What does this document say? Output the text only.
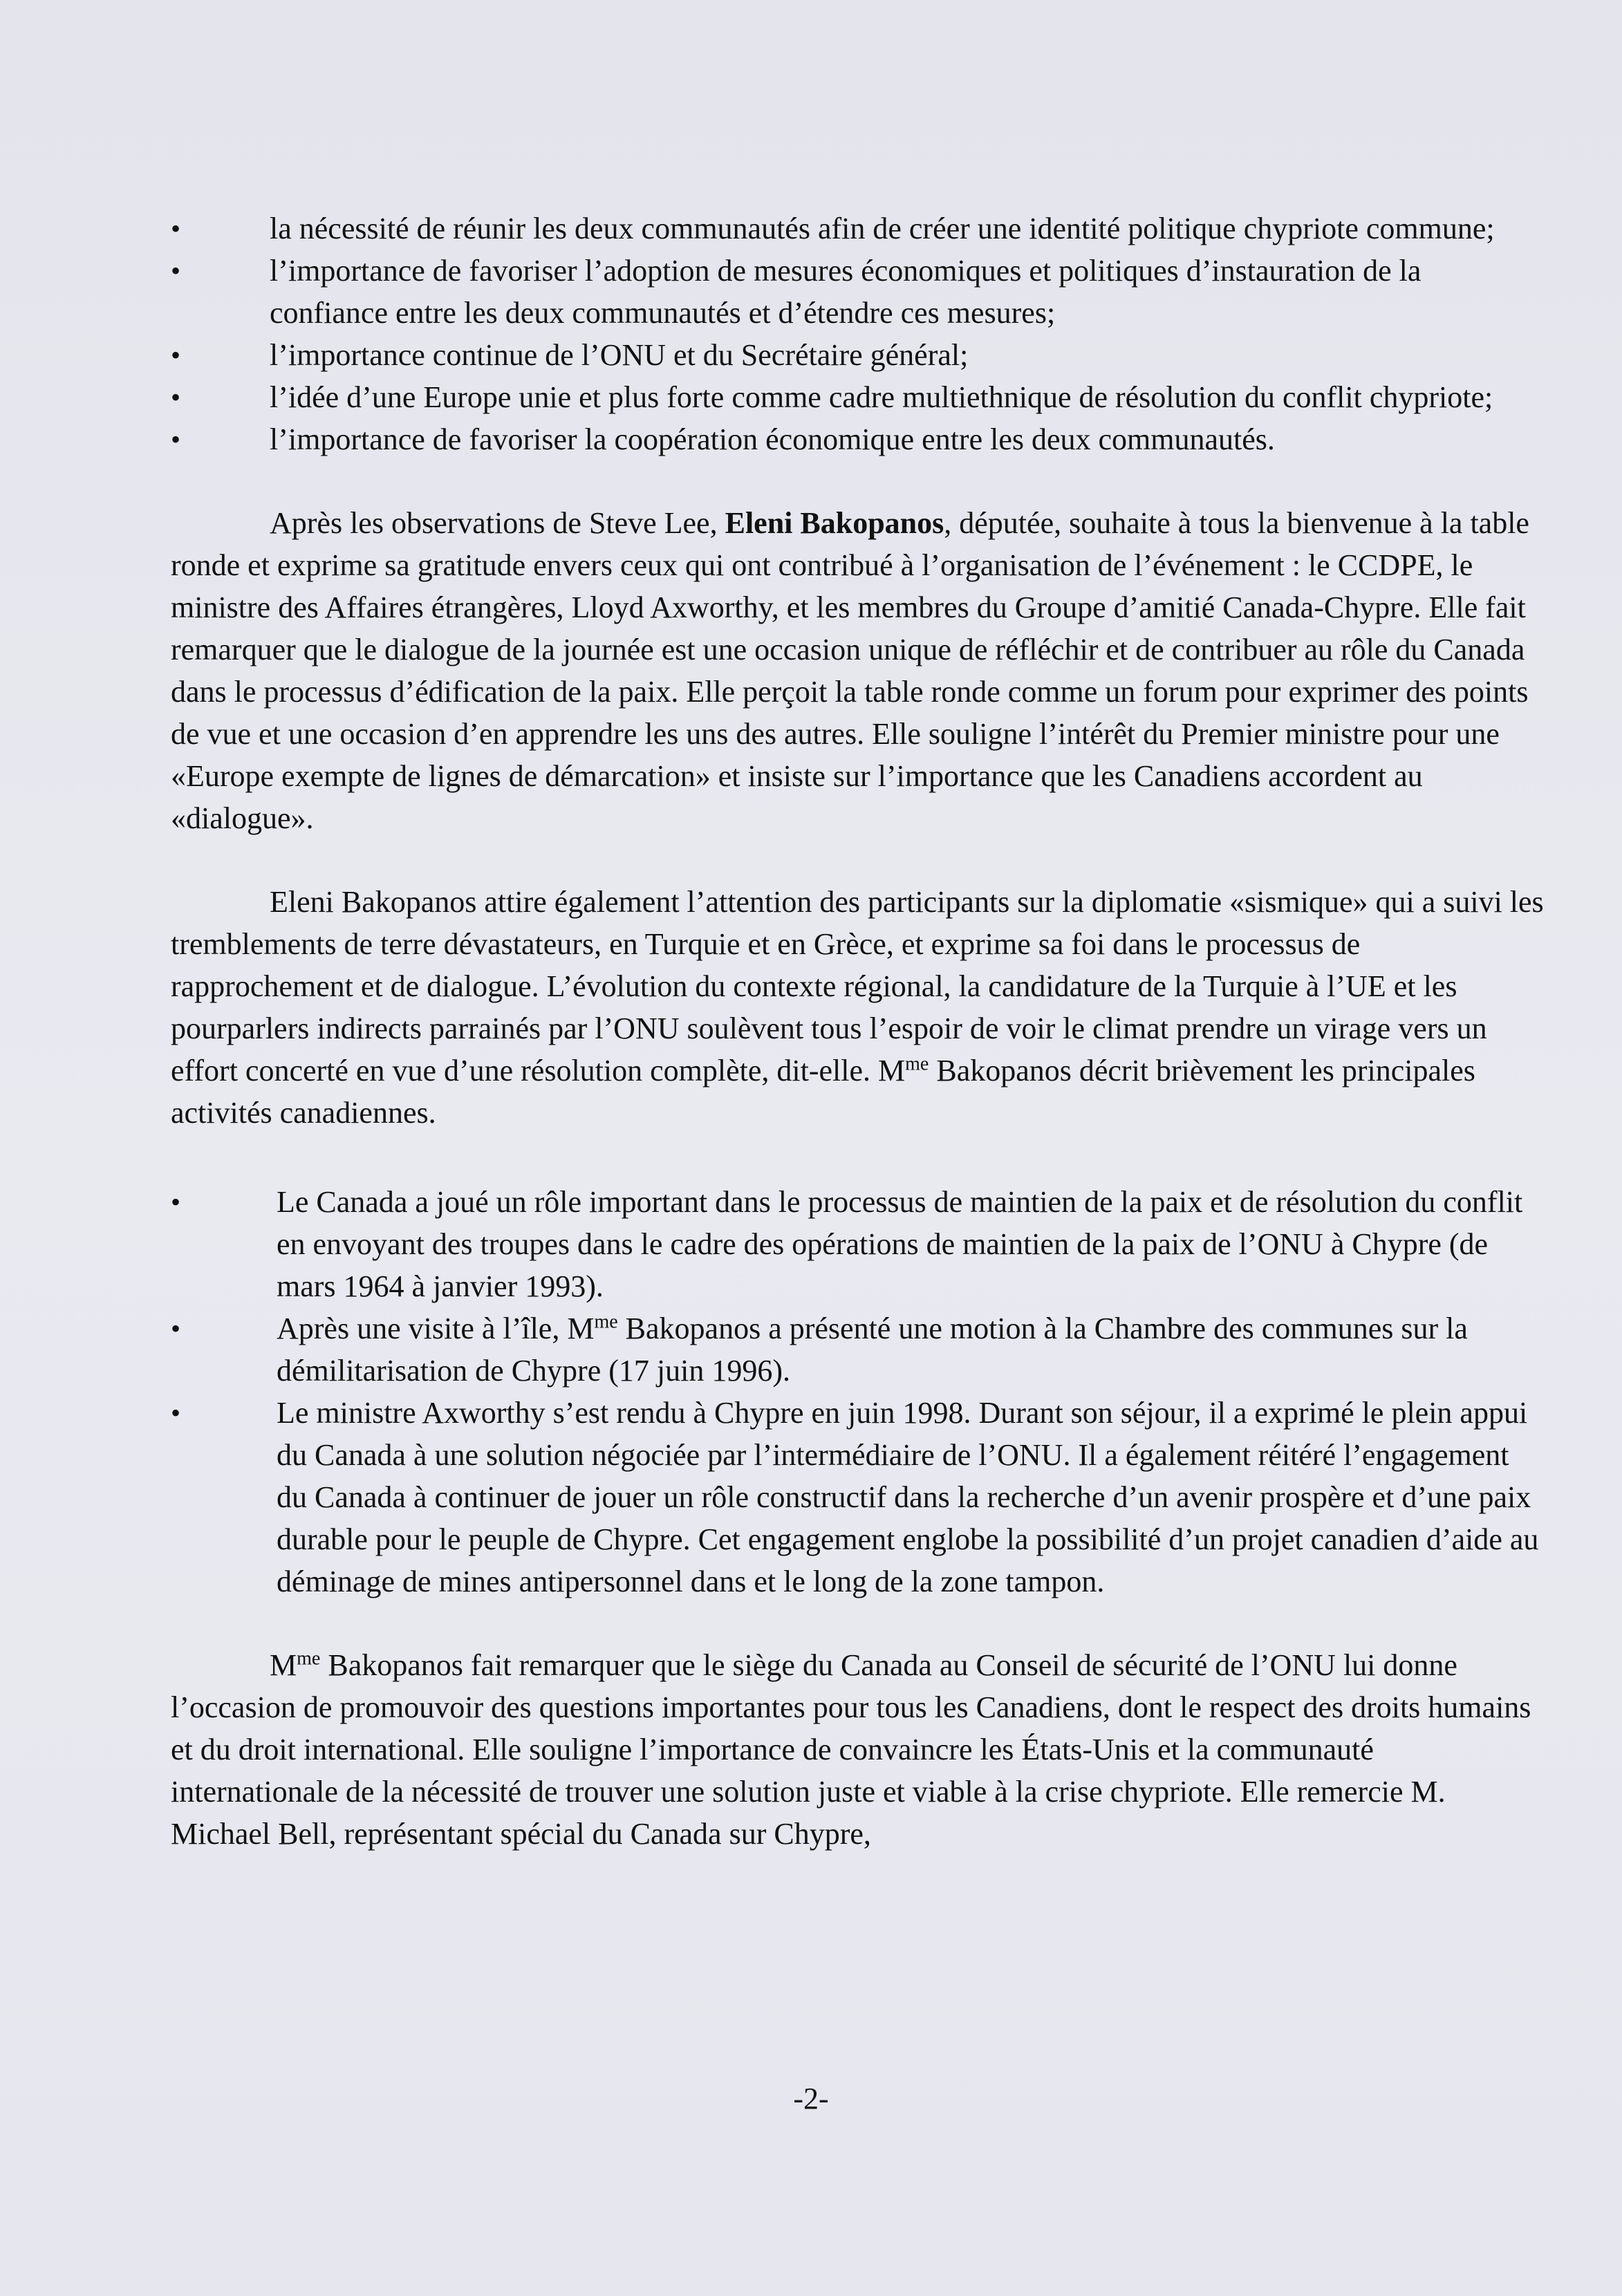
•	la nécessité de réunir les deux communautés afin de créer une identité politique chypriote commune;
•	l’importance de favoriser l’adoption de mesures économiques et politiques d’instauration de la confiance entre les deux communautés et d’étendre ces mesures;
•	l’importance continue de l’ONU et du Secrétaire général;
•	l’idée d’une Europe unie et plus forte comme cadre multiethnique de résolution du conflit chypriote;
•	l’importance de favoriser la coopération économique entre les deux communautés.

Après les observations de Steve Lee, Eleni Bakopanos, députée, souhaite à tous la bienvenue à la table ronde et exprime sa gratitude envers ceux qui ont contribué à l’organisation de l’événement : le CCDPE, le ministre des Affaires étrangères, Lloyd Axworthy, et les membres du Groupe d’amitié Canada-Chypre. Elle fait remarquer que le dialogue de la journée est une occasion unique de réfléchir et de contribuer au rôle du Canada dans le processus d’édification de la paix. Elle perçoit la table ronde comme un forum pour exprimer des points de vue et une occasion d’en apprendre les uns des autres. Elle souligne l’intérêt du Premier ministre pour une «Europe exempte de lignes de démarcation» et insiste sur l’importance que les Canadiens accordent au «dialogue».

Eleni Bakopanos attire également l’attention des participants sur la diplomatie «sismique» qui a suivi les tremblements de terre dévastateurs, en Turquie et en Grèce, et exprime sa foi dans le processus de rapprochement et de dialogue. L’évolution du contexte régional, la candidature de la Turquie à l’UE et les pourparlers indirects parrainés par l’ONU soulèvent tous l’espoir de voir le climat prendre un virage vers un effort concerté en vue d’une résolution complète, dit-elle. $M^{me}$ Bakopanos décrit brièvement les principales activités canadiennes.

•	Le Canada a joué un rôle important dans le processus de maintien de la paix et de résolution du conflit en envoyant des troupes dans le cadre des opérations de maintien de la paix de l’ONU à Chypre (de mars 1964 à janvier 1993).
•	Après une visite à l’île, $M^{me}$ Bakopanos a présenté une motion à la Chambre des communes sur la démilitarisation de Chypre (17 juin 1996).
•	Le ministre Axworthy s’est rendu à Chypre en juin 1998. Durant son séjour, il a exprimé le plein appui du Canada à une solution négociée par l’intermédiaire de l’ONU. Il a également réitéré l’engagement du Canada à continuer de jouer un rôle constructif dans la recherche d’un avenir prospère et d’une paix durable pour le peuple de Chypre. Cet engagement englobe la possibilité d’un projet canadien d’aide au déminage de mines antipersonnel dans et le long de la zone tampon.

$M^{me}$ Bakopanos fait remarquer que le siège du Canada au Conseil de sécurité de l’ONU lui donne l’occasion de promouvoir des questions importantes pour tous les Canadiens, dont le respect des droits humains et du droit international. Elle souligne l’importance de convaincre les États-Unis et la communauté internationale de la nécessité de trouver une solution juste et viable à la crise chypriote. Elle remercie M. Michael Bell, représentant spécial du Canada sur Chypre,

-2-
